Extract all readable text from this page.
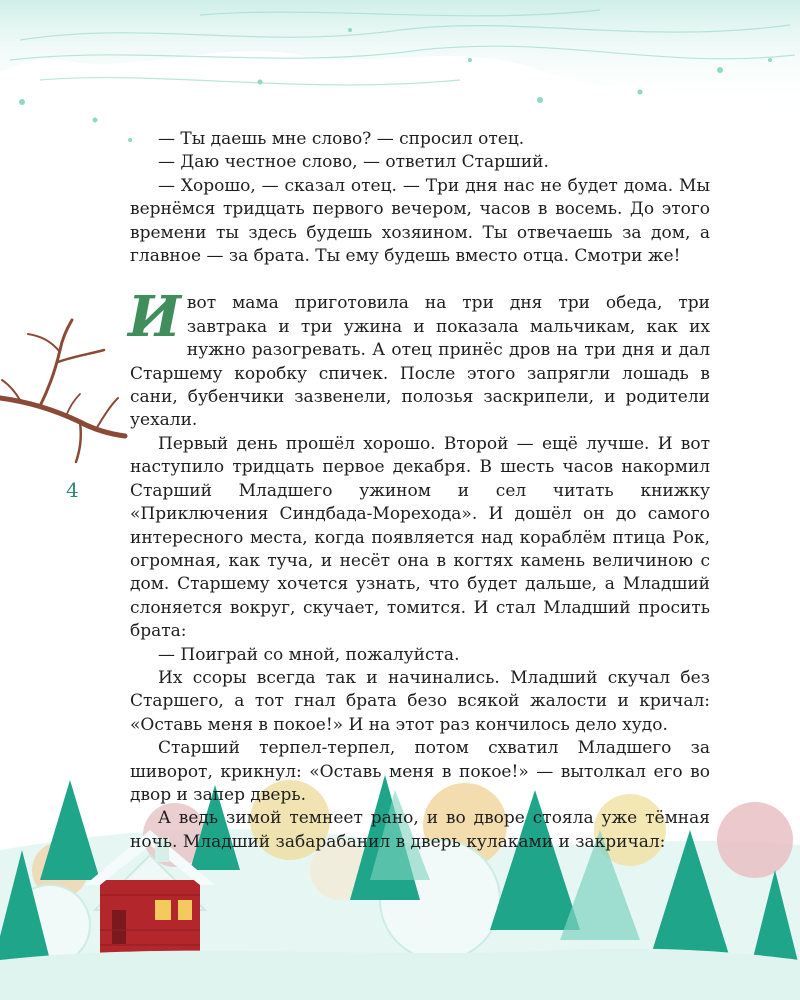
— Ты даешь мне слово? — спросил отец.

— Даю честное слово, — ответил Старший.

— Хорошо, — сказал отец. — Три дня нас не будет дома. Мы вернёмся тридцать первого вечером, часов в восемь. До этого времени ты здесь будешь хозяином. Ты отвечаешь за дом, а главное — за брата. Ты ему будешь вместо отца. Смотри же!

И вот мама приготовила на три дня три обеда, три завтрака и три ужина и показала мальчикам, как их нужно разогревать. А отец принёс дров на три дня и дал Старшему коробку спичек. После этого запрягли лошадь в сани, бубенчики зазвенели, полозья заскрипели, и родители уехали.

Первый день прошёл хорошо. Второй — ещё лучше. И вот наступило тридцать первое декабря. В шесть часов накормил Старший Младшего ужином и сел читать книжку «Приключения Синдбада-Морехода». И дошёл он до самого интересного места, когда появляется над кораблём птица Рок, огромная, как туча, и несёт она в когтях камень величиною с дом. Старшему хочется узнать, что будет дальше, а Младший слоняется вокруг, скучает, томится. И стал Младший просить брата:

— Поиграй со мной, пожалуйста.

Их ссоры всегда так и начинались. Младший скучал без Старшего, а тот гнал брата безо всякой жалости и кричал: «Оставь меня в покое!» И на этот раз кончилось дело худо.

Старший терпел-терпел, потом схватил Младшего за шиворот, крикнул: «Оставь меня в покое!» — вытолкал его во двор и запер дверь.

А ведь зимой темнеет рано, и во дворе стояла уже тёмная ночь. Младший забарабанил в дверь кулаками и закричал:

4
